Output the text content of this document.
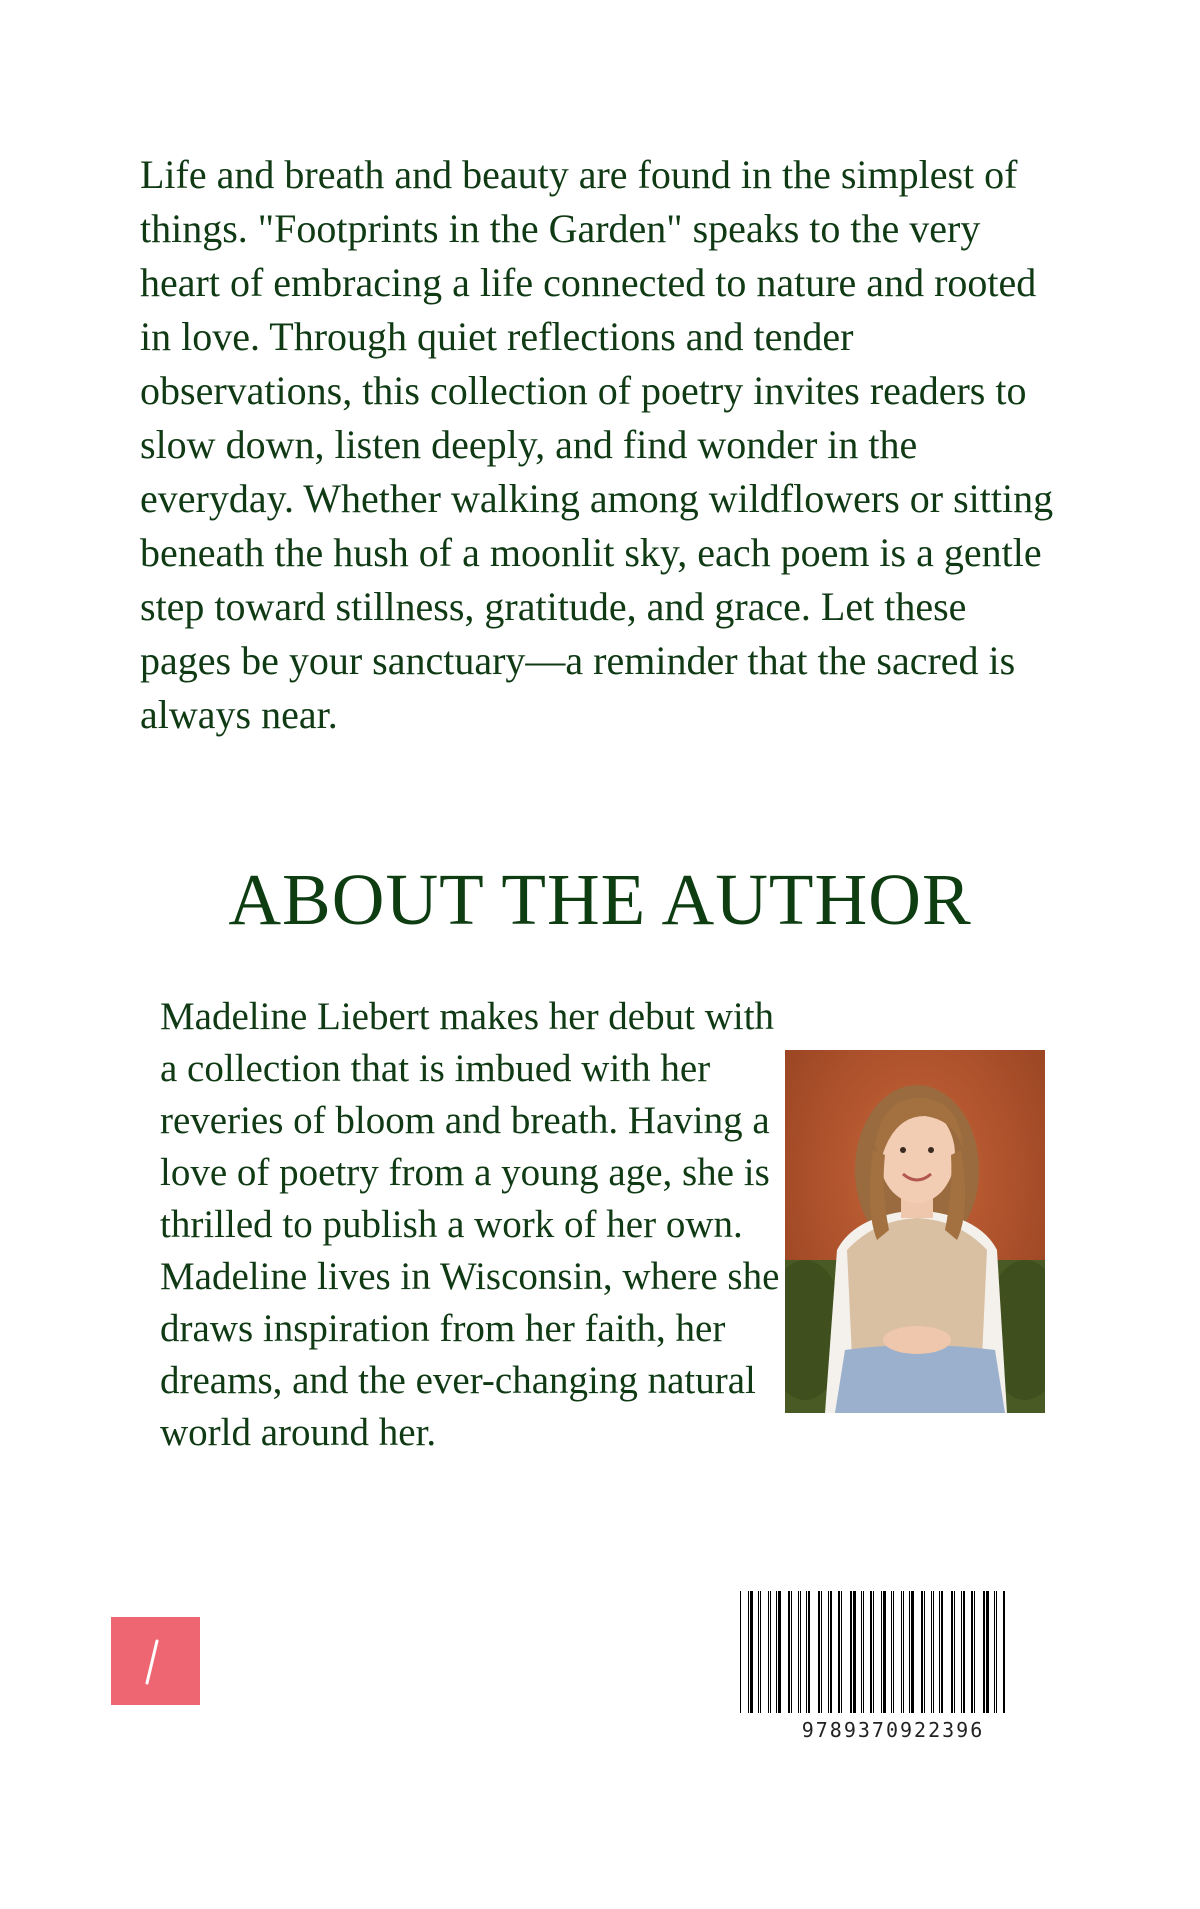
Life and breath and beauty are found in the simplest of things. "Footprints in the Garden" speaks to the very heart of embracing a life connected to nature and rooted in love. Through quiet reflections and tender observations, this collection of poetry invites readers to slow down, listen deeply, and find wonder in the everyday. Whether walking among wildflowers or sitting beneath the hush of a moonlit sky, each poem is a gentle step toward stillness, gratitude, and grace. Let these pages be your sanctuary—a reminder that the sacred is always near.

ABOUT THE AUTHOR

Madeline Liebert makes her debut with a collection that is imbued with her reveries of bloom and breath. Having a love of poetry from a young age, she is thrilled to publish a work of her own. Madeline lives in Wisconsin, where she draws inspiration from her faith, her dreams, and the ever-changing natural world around her.

9789370922396
